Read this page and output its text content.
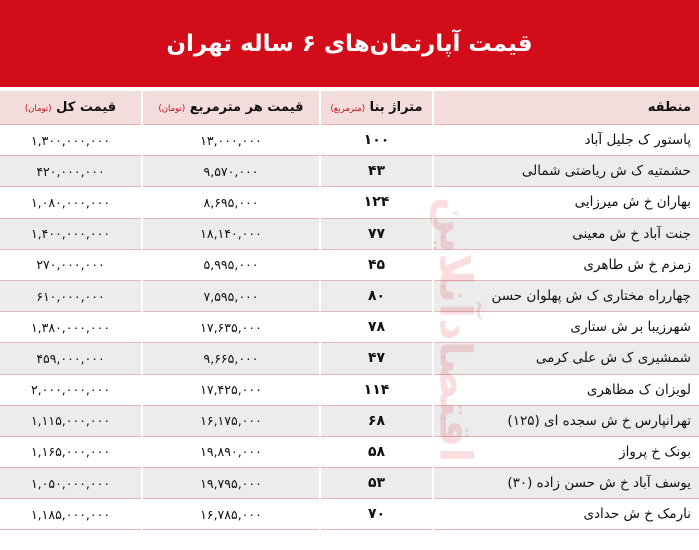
قیمت آپارتمان‌های ۶ ساله تهران
منطقه	متراژ بنا (مترمربع)	قیمت هر مترمربع (تومان)	قیمت کل (تومان)
پاستور ک جلیل آباد	۱۰۰	۱۳,۰۰۰,۰۰۰	۱,۳۰۰,۰۰۰,۰۰۰
حشمتیه ک ش ریاضتی شمالی	۴۳	۹,۵۷۰,۰۰۰	۴۲۰,۰۰۰,۰۰۰
بهاران خ ش میرزایی	۱۲۴	۸,۶۹۵,۰۰۰	۱,۰۸۰,۰۰۰,۰۰۰
جنت آباد خ ش معینی	۷۷	۱۸,۱۴۰,۰۰۰	۱,۴۰۰,۰۰۰,۰۰۰
زمزم خ ش طاهری	۴۵	۵,۹۹۵,۰۰۰	۲۷۰,۰۰۰,۰۰۰
چهارراه مختاری ک ش پهلوان حسن	۸۰	۷,۵۹۵,۰۰۰	۶۱۰,۰۰۰,۰۰۰
شهرزیبا بر ش ستاری	۷۸	۱۷,۶۳۵,۰۰۰	۱,۳۸۰,۰۰۰,۰۰۰
شمشیری ک ش علی کرمی	۴۷	۹,۶۶۵,۰۰۰	۴۵۹,۰۰۰,۰۰۰
لویزان ک مظاهری	۱۱۴	۱۷,۴۲۵,۰۰۰	۲,۰۰۰,۰۰۰,۰۰۰
تهرانپارس خ ش سجده ای (۱۲۵)	۶۸	۱۶,۱۷۵,۰۰۰	۱,۱۱۵,۰۰۰,۰۰۰
بونک خ پرواز	۵۸	۱۹,۸۹۰,۰۰۰	۱,۱۶۵,۰۰۰,۰۰۰
یوسف آباد خ ش حسن زاده (۳۰)	۵۳	۱۹,۷۹۵,۰۰۰	۱,۰۵۰,۰۰۰,۰۰۰
نارمک خ ش حدادی	۷۰	۱۶,۷۸۵,۰۰۰	۱,۱۸۵,۰۰۰,۰۰۰
